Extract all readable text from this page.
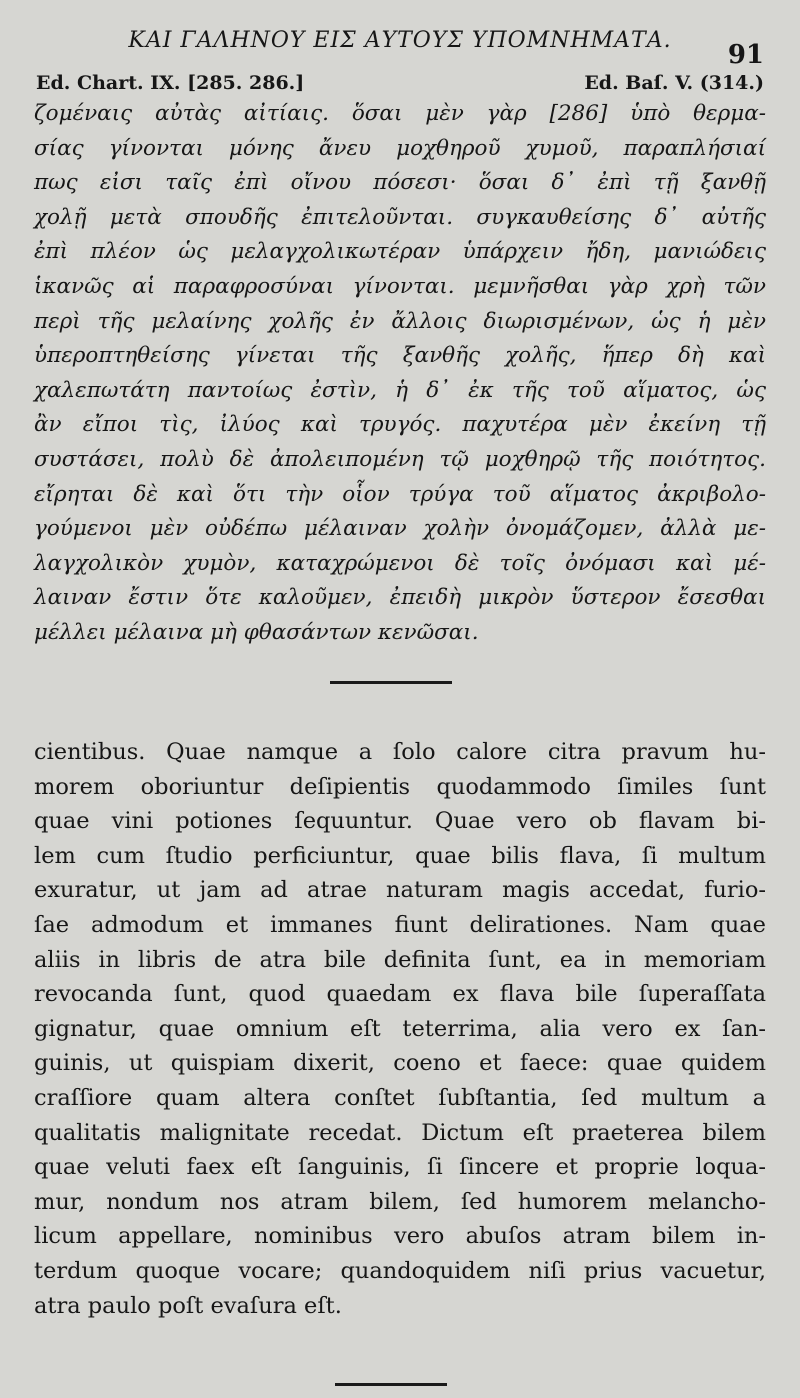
ΚΑΙ ΓΑΛΗΝΟΥ ΕΙΣ ΑΥΤΟΥΣ ΥΠΟΜΝΗΜΑΤΑ.	91
Ed. Chart. IX. [285. 286.]	Ed. Baſ. V. (314.)
ζομέναις αὐτὰς αἰτίαις. ὅσαι μὲν γὰρ [286] ὑπὸ θερμα-
σίας γίνονται μόνης ἄνευ μοχθηροῦ χυμοῦ, παραπλήσιαί
πως εἰσι ταῖς ἐπὶ οἴνου πόσεσι· ὅσαι δ᾽ ἐπὶ τῇ ξανθῇ
χολῇ μετὰ σπουδῆς ἐπιτελοῦνται. συγκαυθείσης δ᾽ αὐτῆς
ἐπὶ πλέον ὡς μελαγχολικωτέραν ὑπάρχειν ἤδη, μανιώδεις
ἱκανῶς αἱ παραφροσύναι γίνονται. μεμνῆσθαι γὰρ χρὴ τῶν
περὶ τῆς μελαίνης χολῆς ἐν ἄλλοις διωρισμένων, ὡς ἡ μὲν
ὑπεροπτηθείσης γίνεται τῆς ξανθῆς χολῆς, ἥπερ δὴ καὶ
χαλεπωτάτη παντοίως ἐστὶν, ἡ δ᾽ ἐκ τῆς τοῦ αἵματος, ὡς
ἂν εἴποι τὶς, ἰλύος καὶ τρυγός. παχυτέρα μὲν ἐκείνη τῇ
συστάσει, πολὺ δὲ ἀπολειπομένη τῷ μοχθηρῷ τῆς ποιότητος.
εἴρηται δὲ καὶ ὅτι τὴν οἷον τρύγα τοῦ αἵματος ἀκριβολο-
γούμενοι μὲν οὐδέπω μέλαιναν χολὴν ὀνομάζομεν, ἀλλὰ με-
λαγχολικὸν χυμὸν, καταχρώμενοι δὲ τοῖς ὀνόμασι καὶ μέ-
λαιναν ἔστιν ὅτε καλοῦμεν, ἐπειδὴ μικρὸν ὕστερον ἔσεσθαι
μέλλει μέλαινα μὴ φθασάντων κενῶσαι.
cientibus. Quae namque a ſolo calore citra pravum hu-
morem oboriuntur deſipientis quodammodo ſimiles ſunt
quae vini potiones ſequuntur. Quae vero ob flavam bi-
lem cum ſtudio perficiuntur, quae bilis flava, ſi multum
exuratur, ut jam ad atrae naturam magis accedat, furio-
ſae admodum et immanes fiunt delirationes. Nam quae
aliis in libris de atra bile definita ſunt, ea in memoriam
revocanda ſunt, quod quaedam ex flava bile ſuperaſſata
gignatur, quae omnium eſt teterrima, alia vero ex ſan-
guinis, ut quispiam dixerit, coeno et faece: quae quidem
craſſiore quam altera conſtet ſubſtantia, ſed multum a
qualitatis malignitate recedat. Dictum eſt praeterea bilem
quae veluti faex eſt ſanguinis, ſi ſincere et proprie loqua-
mur, nondum nos atram bilem, ſed humorem melancho-
licum appellare, nominibus vero abuſos atram bilem in-
terdum quoque vocare; quandoquidem niſi prius vacuetur,
atra paulo poſt evaſura eſt.
